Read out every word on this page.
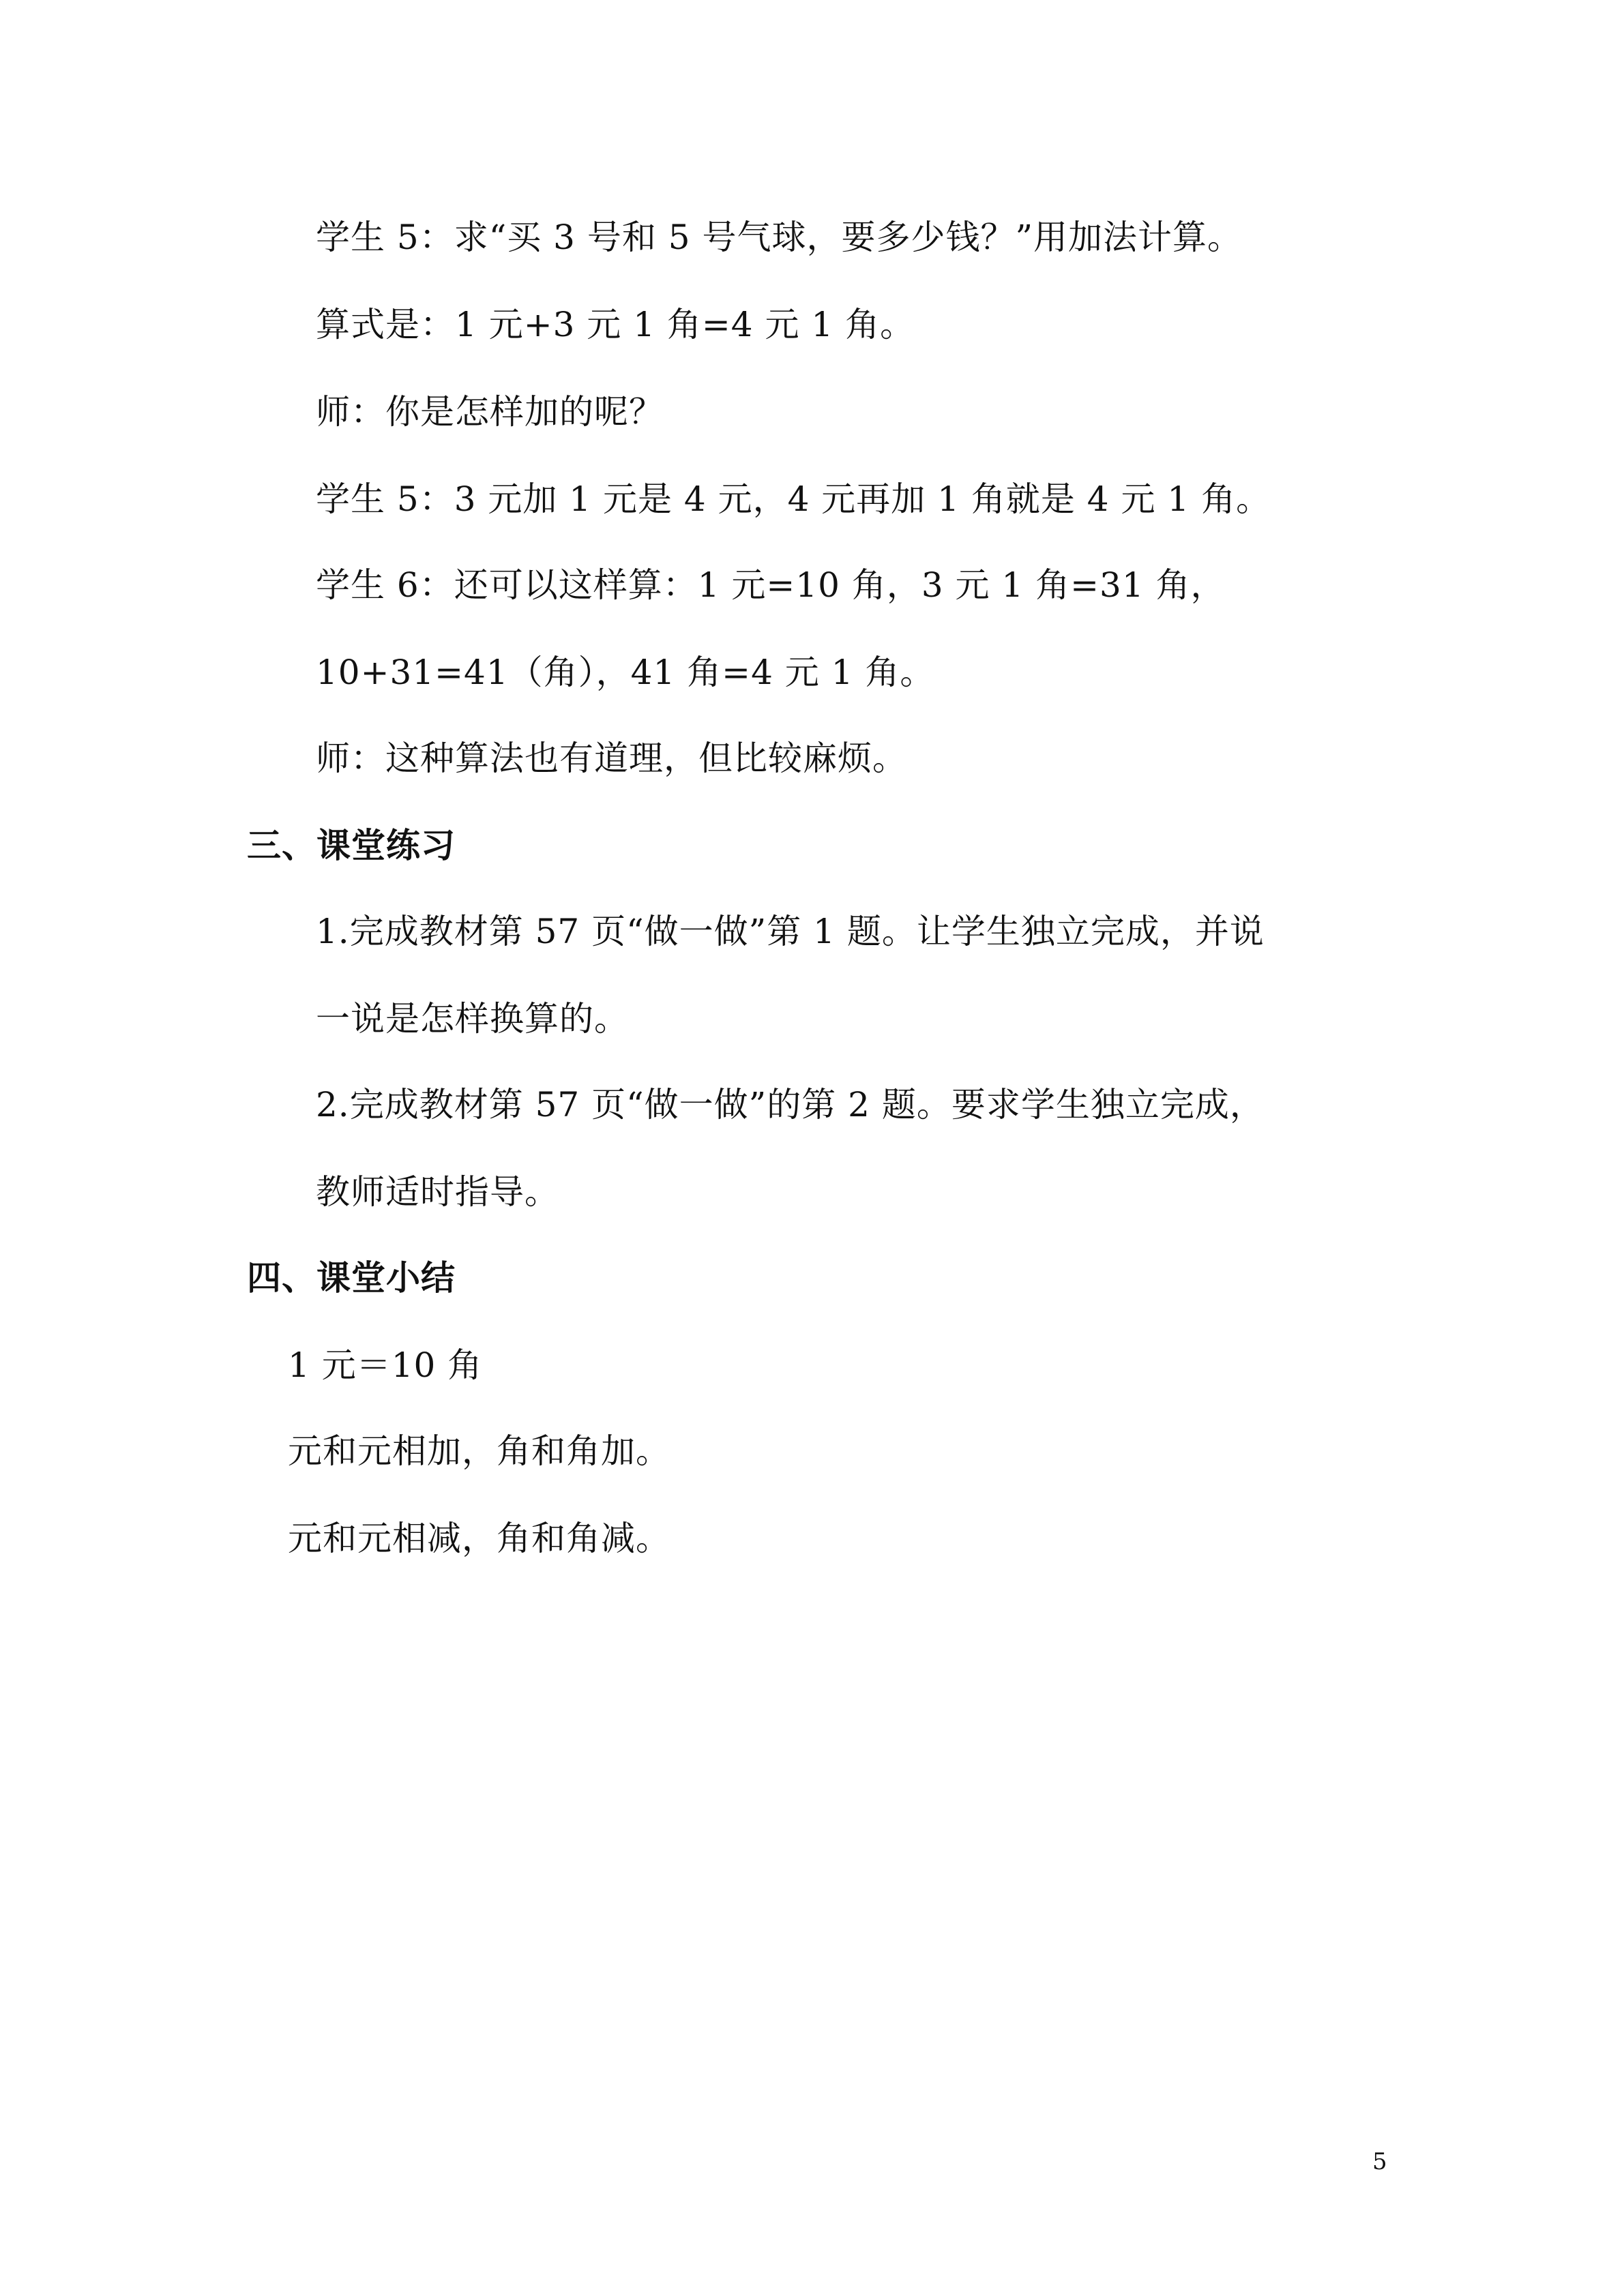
学生 5：求“买 3 号和 5 号气球，要多少钱？”用加法计算。
算式是：1 元+3 元 1 角=4 元 1 角。
师：你是怎样加的呢？
学生 5：3 元加 1 元是 4 元，4 元再加 1 角就是 4 元 1 角。
学生 6：还可以这样算：1 元=10 角，3 元 1 角=31 角，
10+31=41（角），41 角=4 元 1 角。
师：这种算法也有道理，但比较麻烦。
三、课堂练习
1.完成教材第 57 页“做一做”第 1 题。让学生独立完成，并说
一说是怎样换算的。
2.完成教材第 57 页“做一做”的第 2 题。要求学生独立完成，
教师适时指导。
四、课堂小结
1 元＝10 角
元和元相加，角和角加。
元和元相减，角和角减。
5
